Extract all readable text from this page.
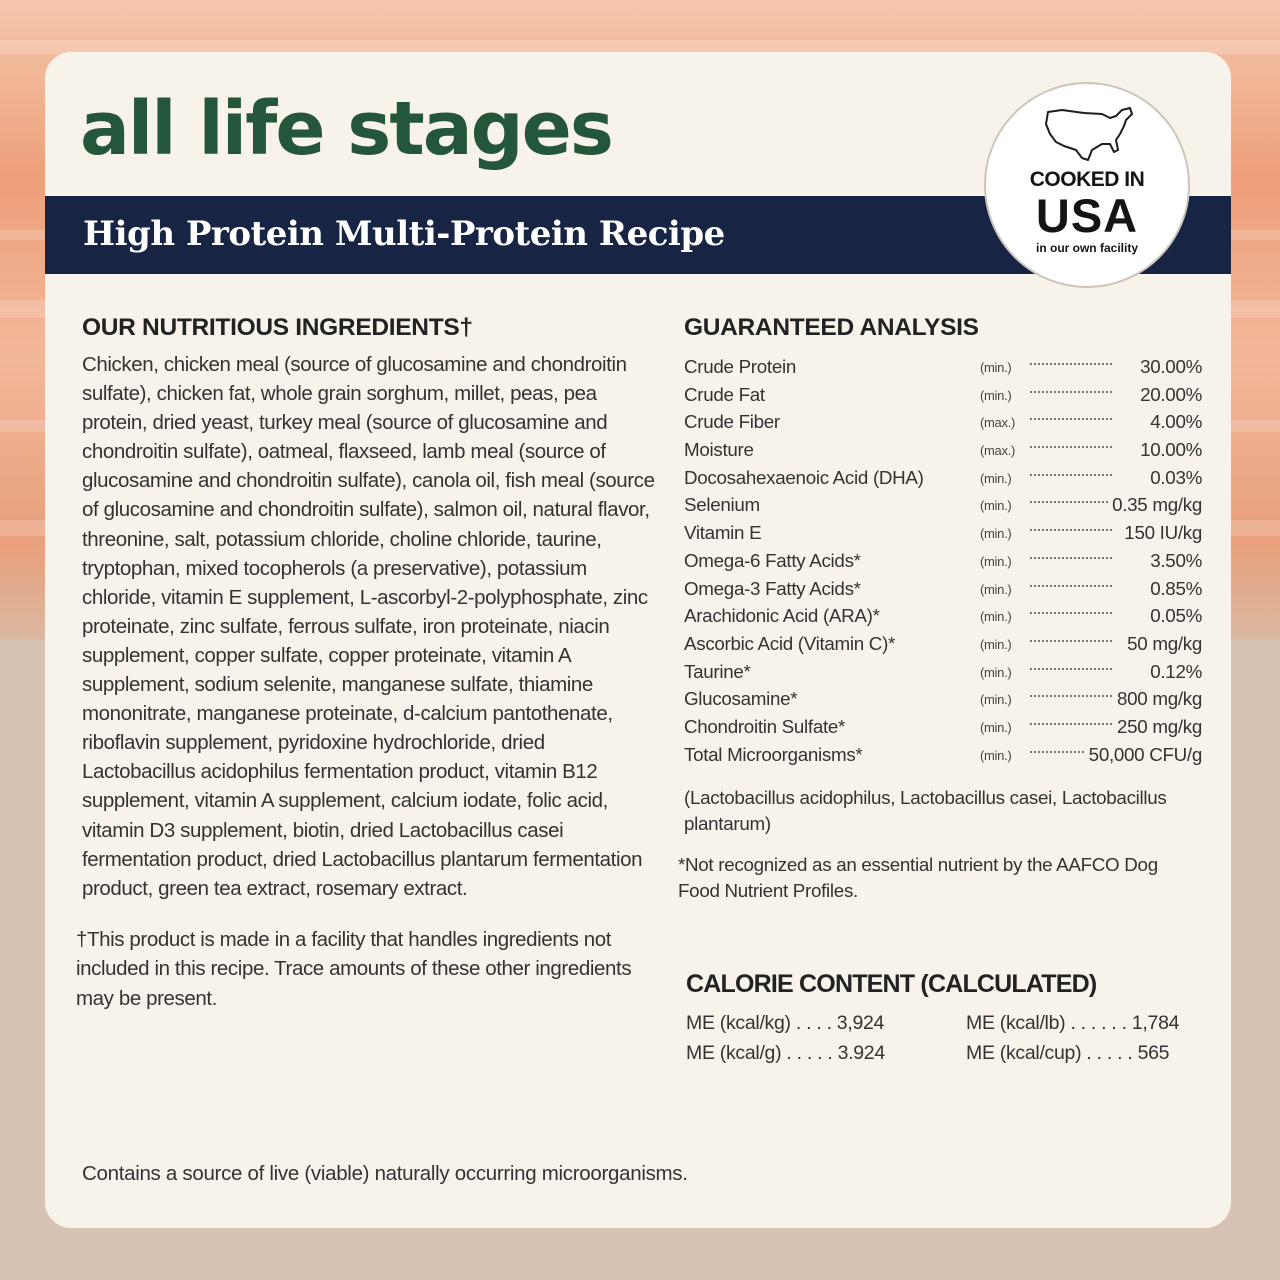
all life stages
High Protein Multi-Protein Recipe
COOKED IN
USA
in our own facility
OUR NUTRITIOUS INGREDIENTS†

Chicken, chicken meal (source of glucosamine and chondroitin sulfate), chicken fat, whole grain sorghum, millet, peas, pea protein, dried yeast, turkey meal (source of glucosamine and chondroitin sulfate), oatmeal, flaxseed, lamb meal (source of glucosamine and chondroitin sulfate), canola oil, fish meal (source of glucosamine and chondroitin sulfate), salmon oil, natural flavor, threonine, salt, potassium chloride, choline chloride, taurine, tryptophan, mixed tocopherols (a preservative), potassium chloride, vitamin E supplement, L-ascorbyl-2-polyphosphate, zinc proteinate, zinc sulfate, ferrous sulfate, iron proteinate, niacin supplement, copper sulfate, copper proteinate, vitamin A supplement, sodium selenite, manganese sulfate, thiamine mononitrate, manganese proteinate, d-calcium pantothenate, riboflavin supplement, pyridoxine hydrochloride, dried Lactobacillus acidophilus fermentation product, vitamin B12 supplement, vitamin A supplement, calcium iodate, folic acid, vitamin D3 supplement, biotin, dried Lactobacillus casei fermentation product, dried Lactobacillus plantarum fermentation product, green tea extract, rosemary extract.

†This product is made in a facility that handles ingredients not included in this recipe. Trace amounts of these other ingredients may be present.

Contains a source of live (viable) naturally occurring microorganisms.
GUARANTEED ANALYSIS
Crude Protein	(min.)	30.00%
Crude Fat	(min.)	20.00%
Crude Fiber	(max.)	4.00%
Moisture	(max.)	10.00%
Docosahexaenoic Acid (DHA)	(min.)	0.03%
Selenium	(min.)	0.35 mg/kg
Vitamin E	(min.)	150 IU/kg
Omega-6 Fatty Acids*	(min.)	3.50%
Omega-3 Fatty Acids*	(min.)	0.85%
Arachidonic Acid (ARA)*	(min.)	0.05%
Ascorbic Acid (Vitamin C)*	(min.)	50 mg/kg
Taurine*	(min.)	0.12%
Glucosamine*	(min.)	800 mg/kg
Chondroitin Sulfate*	(min.)	250 mg/kg
Total Microorganisms*	(min.)	50,000 CFU/g
(Lactobacillus acidophilus, Lactobacillus casei, Lactobacillus plantarum)
*Not recognized as an essential nutrient by the AAFCO Dog Food Nutrient Profiles.
CALORIE CONTENT (CALCULATED)
ME (kcal/kg) . . . . 3,924	ME (kcal/lb) . . . . . . 1,784
ME (kcal/g) . . . . . 3.924	ME (kcal/cup) . . . . . 565
